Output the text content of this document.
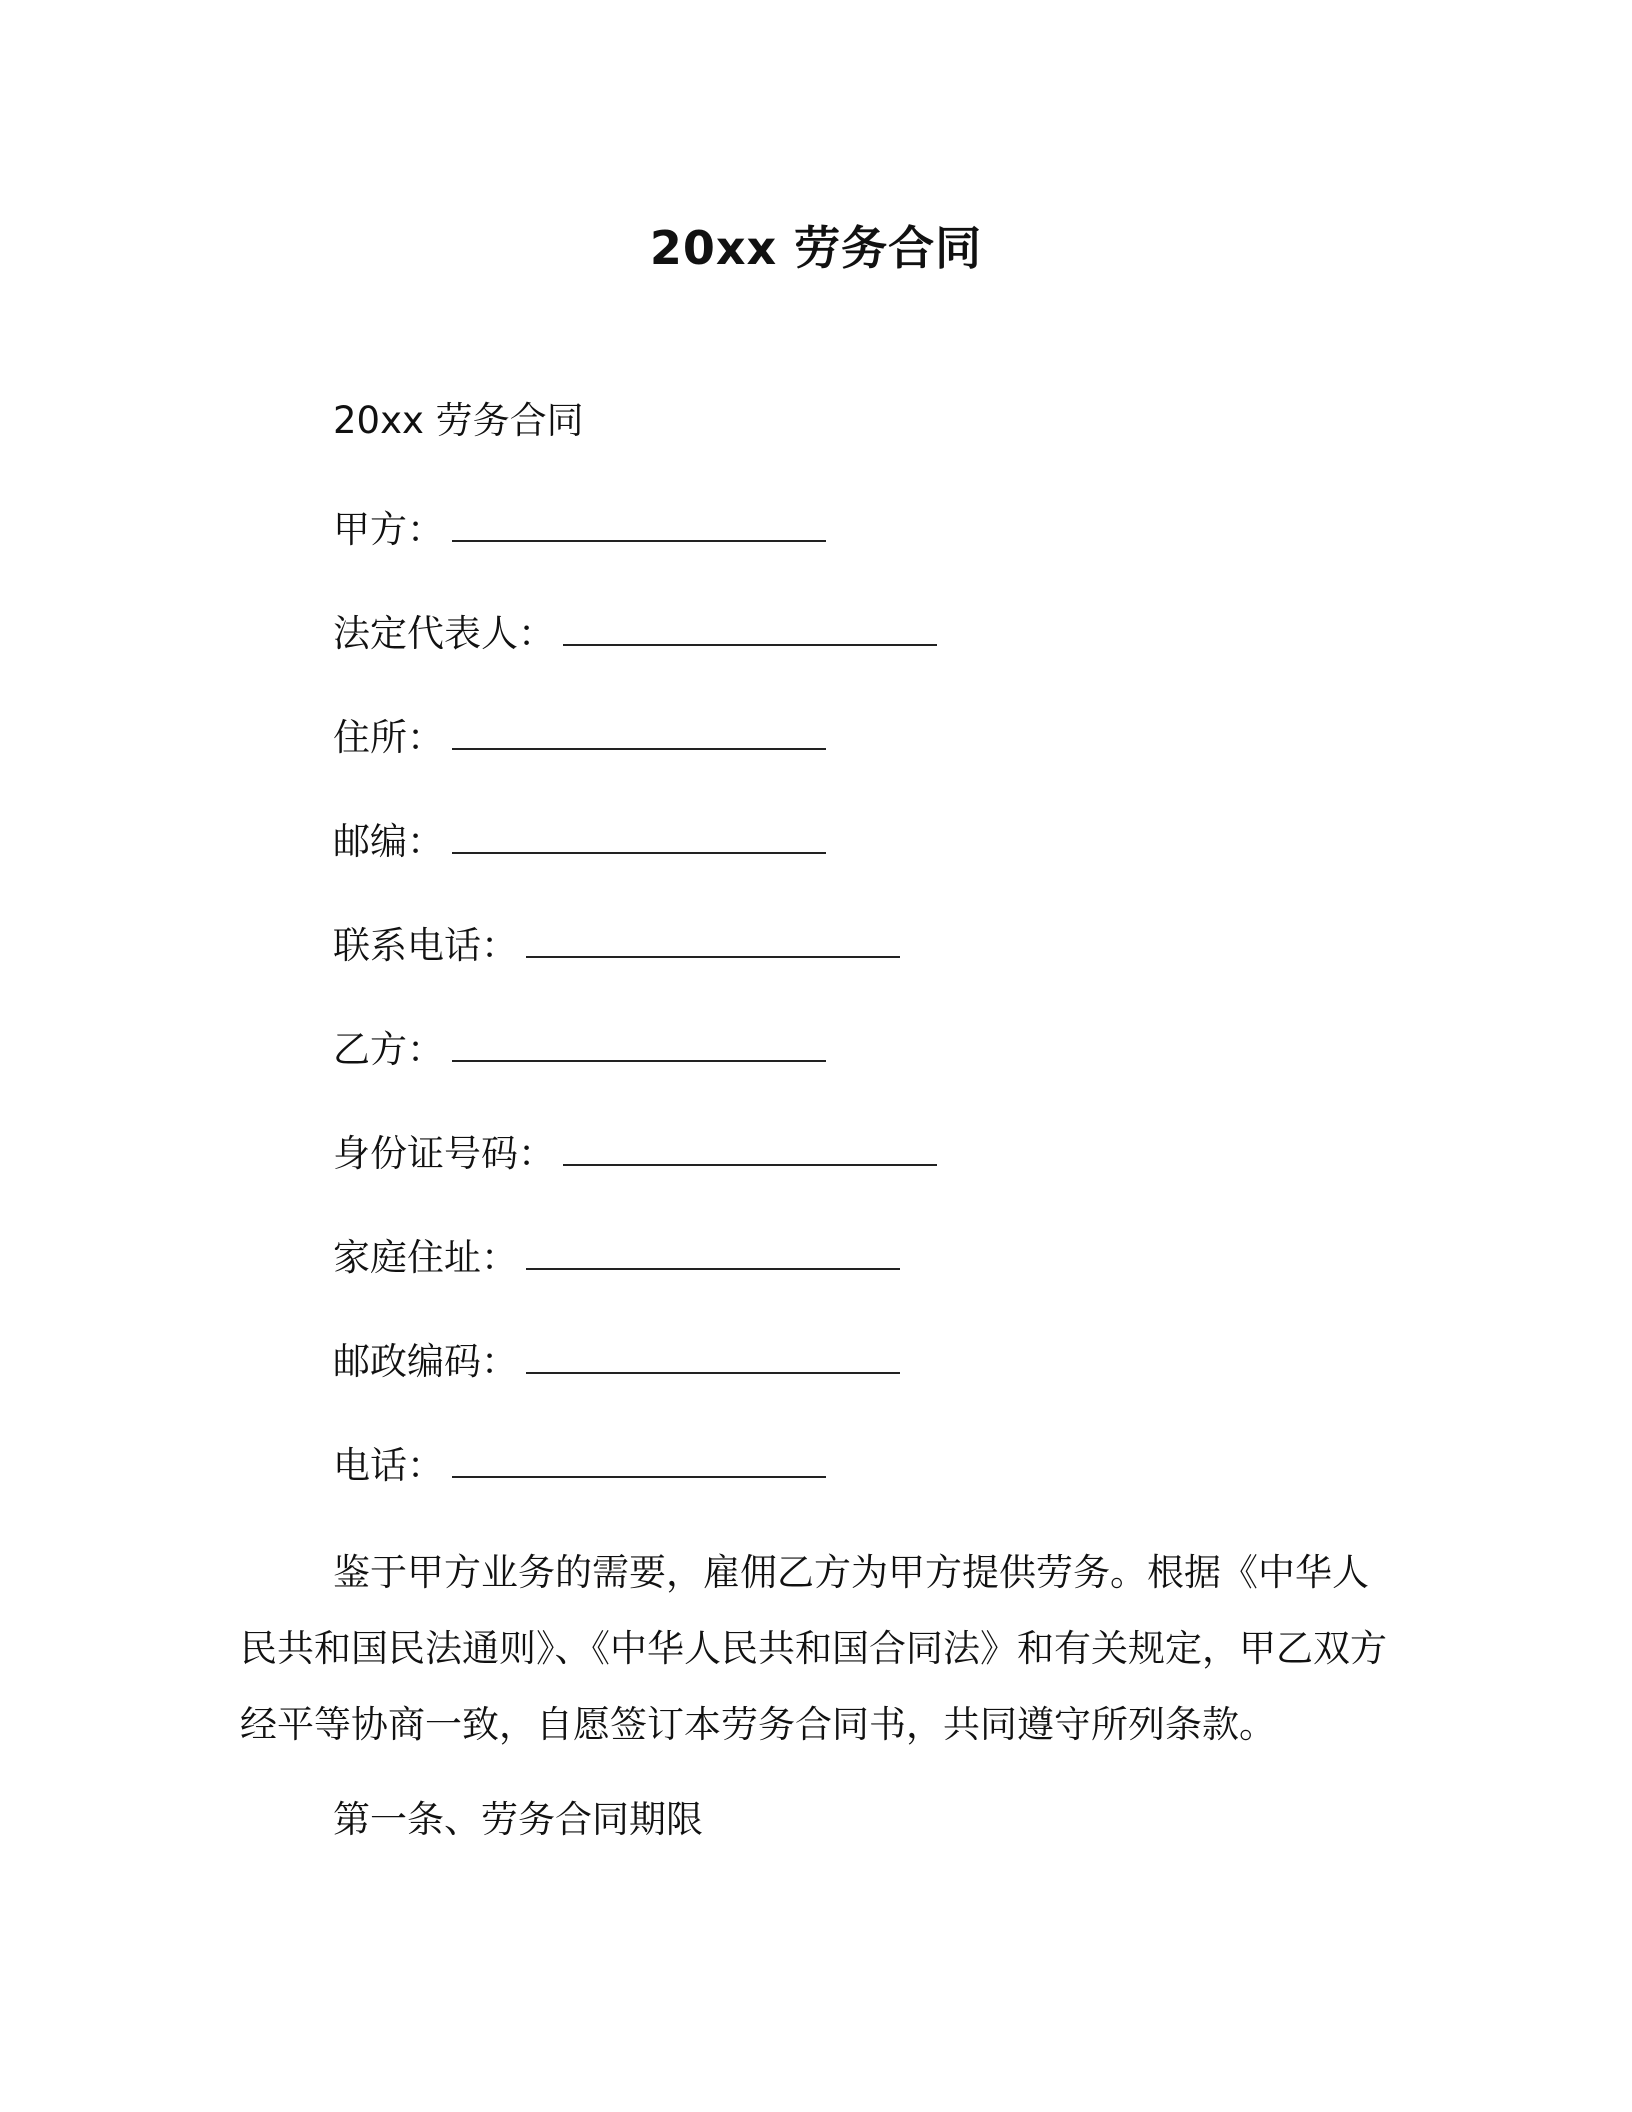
20xx 劳务合同
20xx 劳务合同
甲方：
法定代表人：
住所：
邮编：
联系电话：
乙方：
身份证号码：
家庭住址：
邮政编码：
电话：

鉴于甲方业务的需要，雇佣乙方为甲方提供劳务。根据《中华人民共和国民法通则》、《中华人民共和国合同法》和有关规定，甲乙双方经平等协商一致，自愿签订本劳务合同书，共同遵守所列条款。

第一条、劳务合同期限
